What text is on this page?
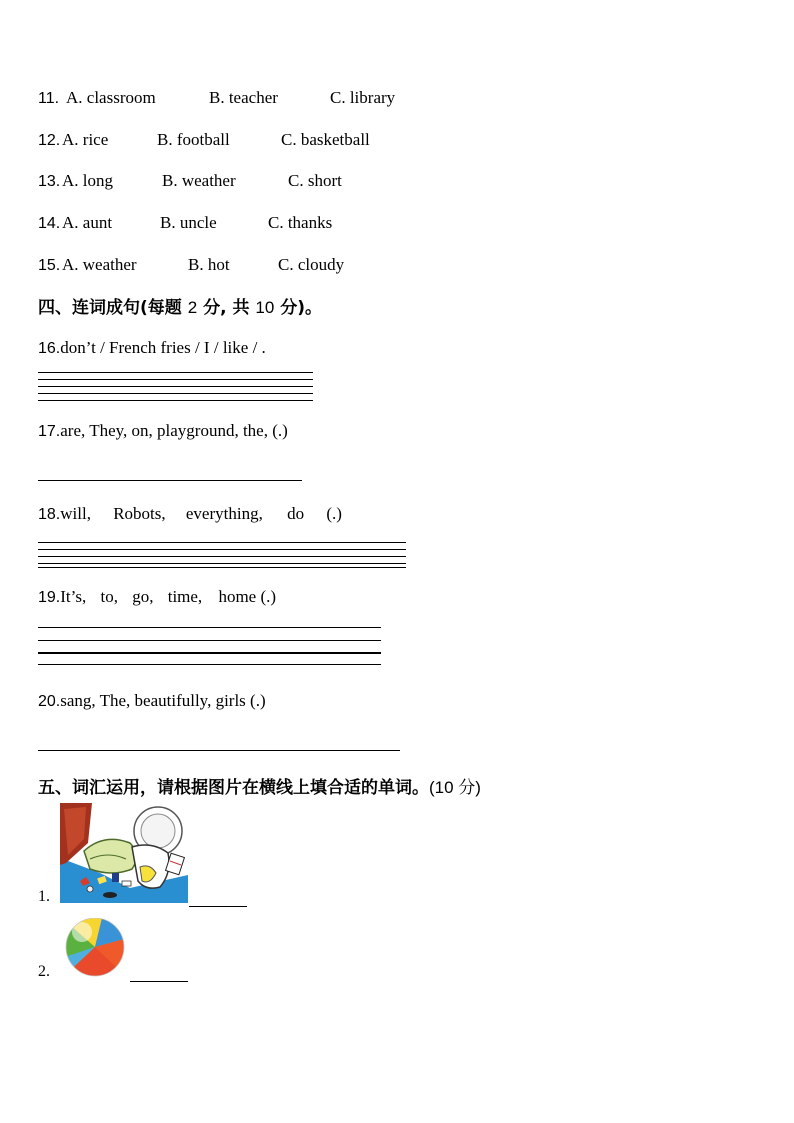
11. A. classroom	B. teacher	C. library
12. A. rice	B. football	C. basketball
13. A. long	B. weather	C. short
14. A. aunt	B. uncle	C. thanks
15. A. weather	B. hot	C. cloudy
四、连词成句(每题 2 分, 共 10 分)。
16.don’t / French fries / I / like / .
17.are, They, on, playground, the, (.)
18.will, Robots, everything, do (.)
19.It’s, to, go, time, home (.)
20.sang, The, beautifully, girls (.)
五、词汇运用，请根据图片在横线上填合适的单词。(10 分)
1.
2.
